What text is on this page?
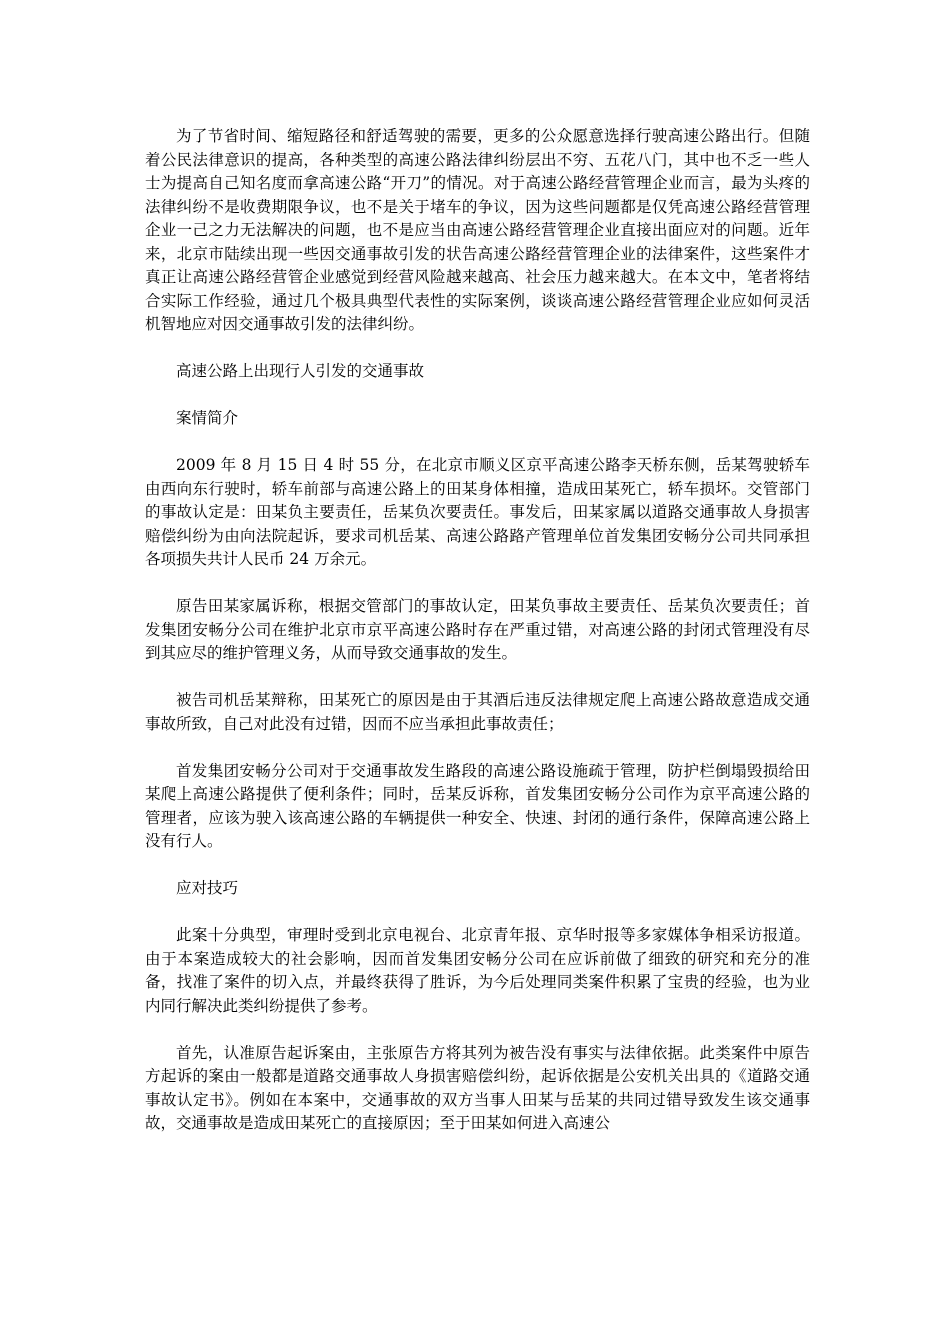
为了节省时间、缩短路径和舒适驾驶的需要，更多的公众愿意选择行驶高速公路出行。但随着公民法律意识的提高，各种类型的高速公路法律纠纷层出不穷、五花八门，其中也不乏一些人士为提高自己知名度而拿高速公路“开刀”的情况。对于高速公路经营管理企业而言，最为头疼的法律纠纷不是收费期限争议，也不是关于堵车的争议，因为这些问题都是仅凭高速公路经营管理企业一己之力无法解决的问题，也不是应当由高速公路经营管理企业直接出面应对的问题。近年来，北京市陆续出现一些因交通事故引发的状告高速公路经营管理企业的法律案件，这些案件才真正让高速公路经营管企业感觉到经营风险越来越高、社会压力越来越大。在本文中，笔者将结合实际工作经验，通过几个极具典型代表性的实际案例，谈谈高速公路经营管理企业应如何灵活机智地应对因交通事故引发的法律纠纷。

高速公路上出现行人引发的交通事故

案情简介

2009 年 8 月 15 日 4 时 55 分，在北京市顺义区京平高速公路李天桥东侧，岳某驾驶轿车由西向东行驶时，轿车前部与高速公路上的田某身体相撞，造成田某死亡，轿车损坏。交管部门的事故认定是：田某负主要责任，岳某负次要责任。事发后，田某家属以道路交通事故人身损害赔偿纠纷为由向法院起诉，要求司机岳某、高速公路路产管理单位首发集团安畅分公司共同承担各项损失共计人民币 24 万余元。

原告田某家属诉称，根据交管部门的事故认定，田某负事故主要责任、岳某负次要责任；首发集团安畅分公司在维护北京市京平高速公路时存在严重过错，对高速公路的封闭式管理没有尽到其应尽的维护管理义务，从而导致交通事故的发生。

被告司机岳某辩称，田某死亡的原因是由于其酒后违反法律规定爬上高速公路故意造成交通事故所致，自己对此没有过错，因而不应当承担此事故责任；

首发集团安畅分公司对于交通事故发生路段的高速公路设施疏于管理，防护栏倒塌毁损给田某爬上高速公路提供了便利条件；同时，岳某反诉称，首发集团安畅分公司作为京平高速公路的管理者，应该为驶入该高速公路的车辆提供一种安全、快速、封闭的通行条件，保障高速公路上没有行人。

应对技巧

此案十分典型，审理时受到北京电视台、北京青年报、京华时报等多家媒体争相采访报道。由于本案造成较大的社会影响，因而首发集团安畅分公司在应诉前做了细致的研究和充分的准备，找准了案件的切入点，并最终获得了胜诉，为今后处理同类案件积累了宝贵的经验，也为业内同行解决此类纠纷提供了参考。

首先，认准原告起诉案由，主张原告方将其列为被告没有事实与法律依据。此类案件中原告方起诉的案由一般都是道路交通事故人身损害赔偿纠纷，起诉依据是公安机关出具的《道路交通事故认定书》。例如在本案中，交通事故的双方当事人田某与岳某的共同过错导致发生该交通事故，交通事故是造成田某死亡的直接原因；至于田某如何进入高速公
